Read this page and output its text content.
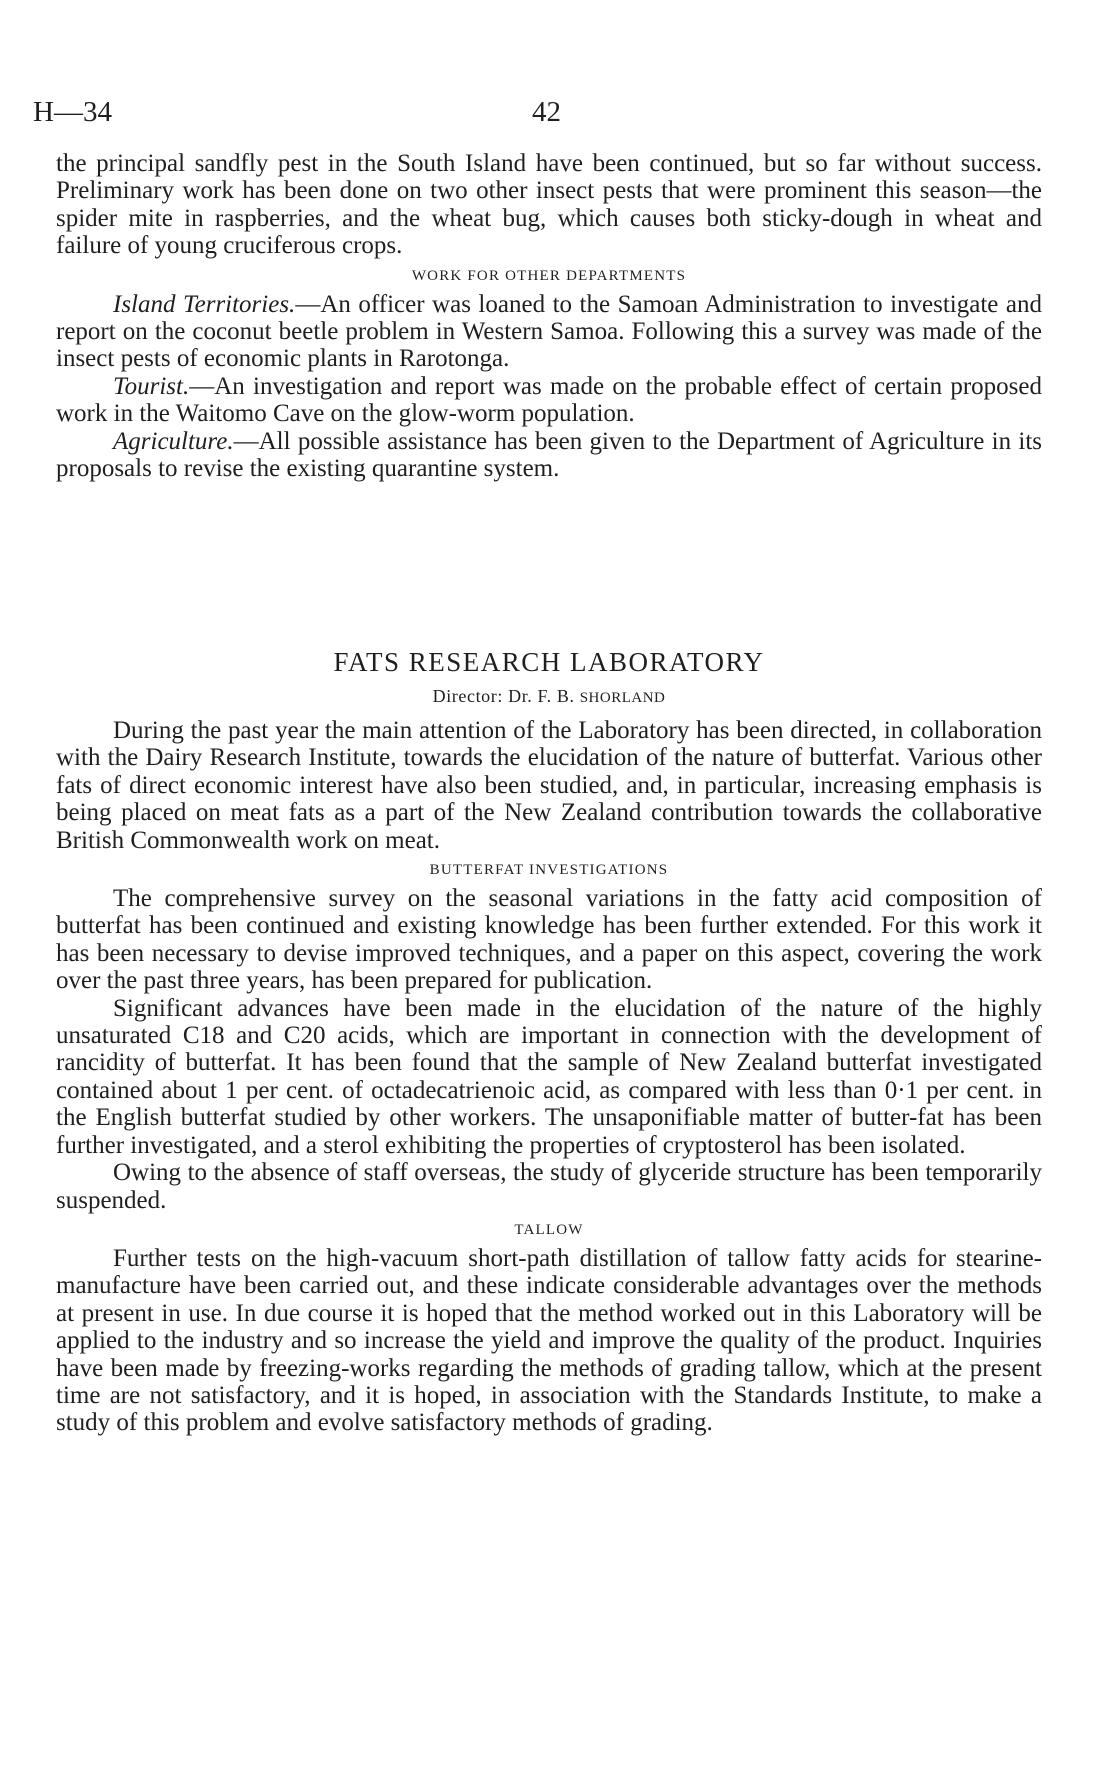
H—34	42

the principal sandfly pest in the South Island have been continued, but so far without success. Preliminary work has been done on two other insect pests that were prominent this season—the spider mite in raspberries, and the wheat bug, which causes both sticky-dough in wheat and failure of young cruciferous crops.

WORK FOR OTHER DEPARTMENTS

Island Territories.—An officer was loaned to the Samoan Administration to investigate and report on the coconut beetle problem in Western Samoa. Following this a survey was made of the insect pests of economic plants in Rarotonga.

Tourist.—An investigation and report was made on the probable effect of certain proposed work in the Waitomo Cave on the glow-worm population.

Agriculture.—All possible assistance has been given to the Department of Agriculture in its proposals to revise the existing quarantine system.

FATS RESEARCH LABORATORY
Director: Dr. F. B. SHORLAND

During the past year the main attention of the Laboratory has been directed, in collaboration with the Dairy Research Institute, towards the elucidation of the nature of butterfat. Various other fats of direct economic interest have also been studied, and, in particular, increasing emphasis is being placed on meat fats as a part of the New Zealand contribution towards the collaborative British Commonwealth work on meat.

BUTTERFAT INVESTIGATIONS

The comprehensive survey on the seasonal variations in the fatty acid composition of butterfat has been continued and existing knowledge has been further extended. For this work it has been necessary to devise improved techniques, and a paper on this aspect, covering the work over the past three years, has been prepared for publication.

Significant advances have been made in the elucidation of the nature of the highly unsaturated C18 and C20 acids, which are important in connection with the development of rancidity of butterfat. It has been found that the sample of New Zealand butterfat investigated contained about 1 per cent. of octadecatrienoic acid, as compared with less than 0·1 per cent. in the English butterfat studied by other workers. The unsaponifiable matter of butter-fat has been further investigated, and a sterol exhibiting the properties of cryptosterol has been isolated.

Owing to the absence of staff overseas, the study of glyceride structure has been temporarily suspended.

TALLOW

Further tests on the high-vacuum short-path distillation of tallow fatty acids for stearine-manufacture have been carried out, and these indicate considerable advantages over the methods at present in use. In due course it is hoped that the method worked out in this Laboratory will be applied to the industry and so increase the yield and improve the quality of the product. Inquiries have been made by freezing-works regarding the methods of grading tallow, which at the present time are not satisfactory, and it is hoped, in association with the Standards Institute, to make a study of this problem and evolve satisfactory methods of grading.
